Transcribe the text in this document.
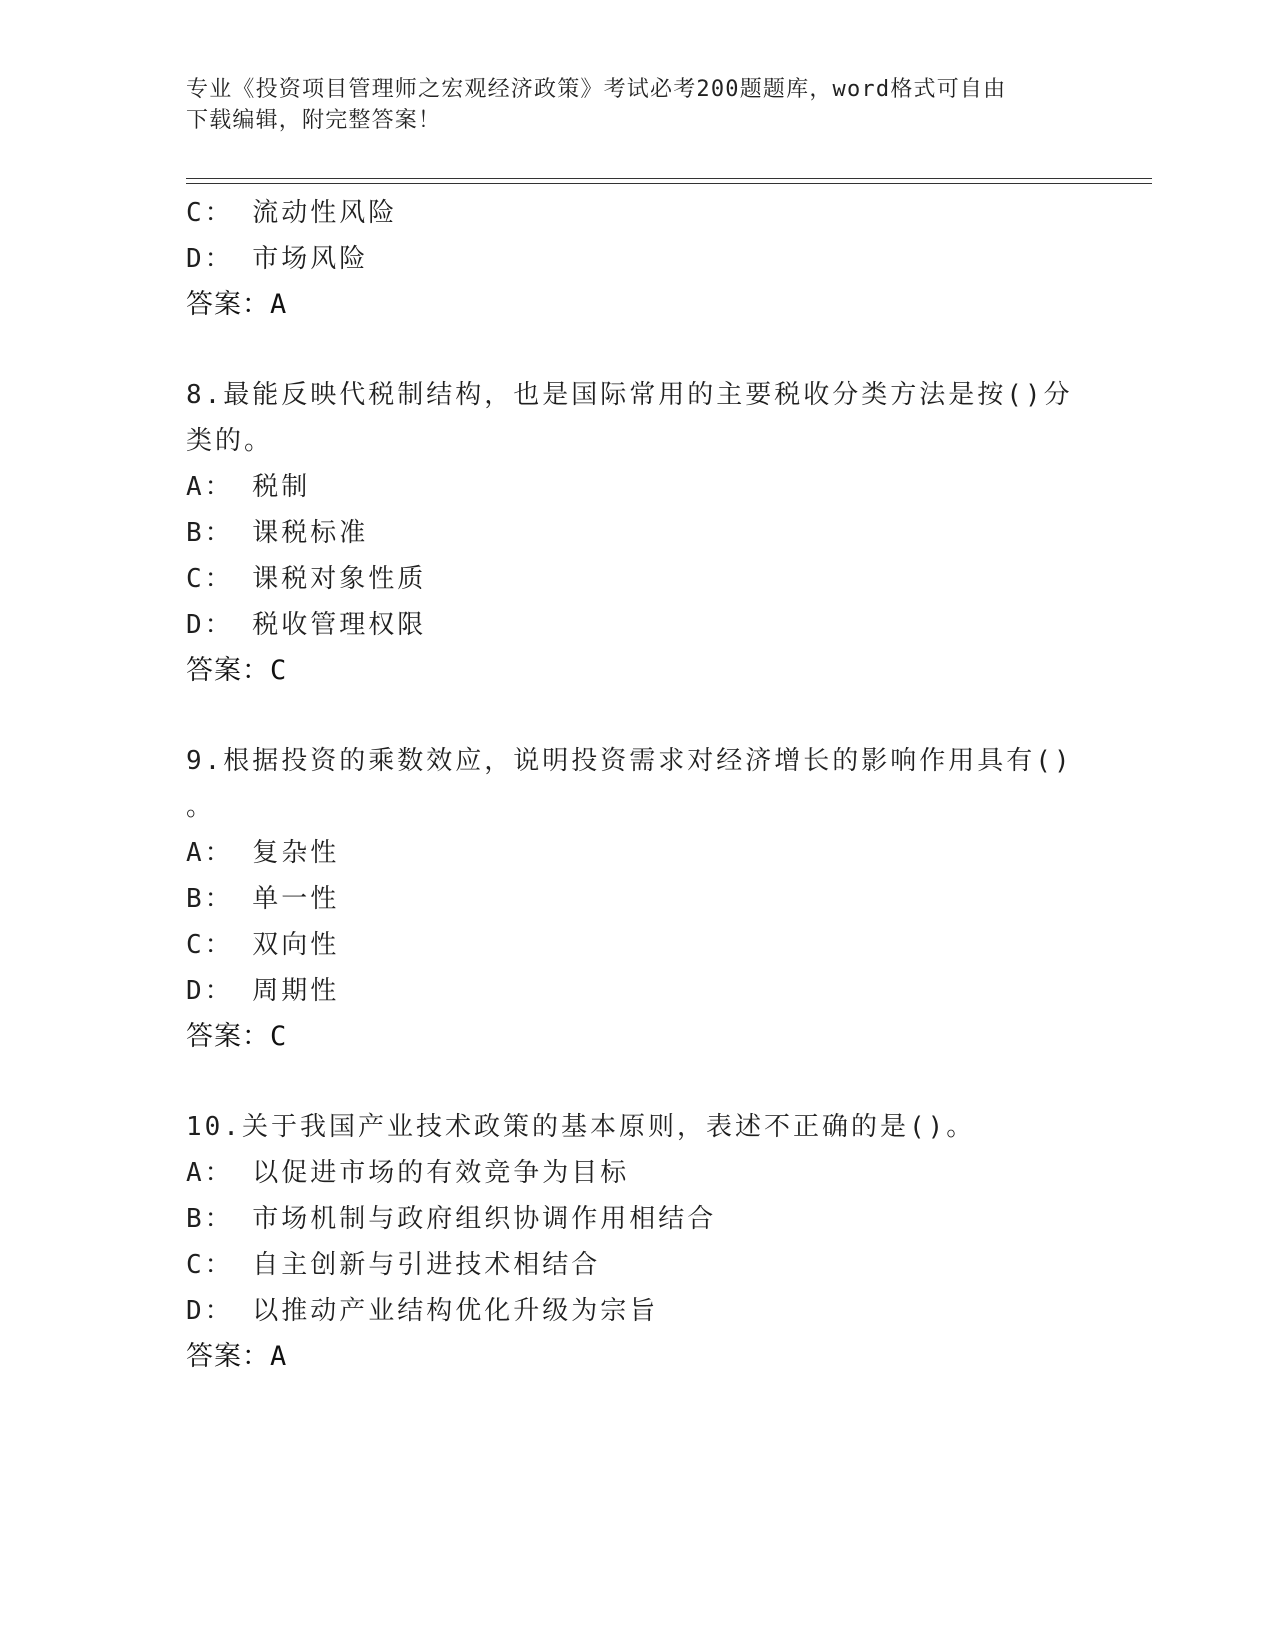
专业《投资项目管理师之宏观经济政策》考试必考200题题库，word格式可自由
下载编辑，附完整答案！
C： 流动性风险
D： 市场风险
答案：A
8.最能反映代税制结构，也是国际常用的主要税收分类方法是按()分
类的。
A： 税制
B： 课税标准
C： 课税对象性质
D： 税收管理权限
答案：C
9.根据投资的乘数效应，说明投资需求对经济增长的影响作用具有()
。
A： 复杂性
B： 单一性
C： 双向性
D： 周期性
答案：C
10.关于我国产业技术政策的基本原则，表述不正确的是()。
A： 以促进市场的有效竞争为目标
B： 市场机制与政府组织协调作用相结合
C： 自主创新与引进技术相结合
D： 以推动产业结构优化升级为宗旨
答案：A
